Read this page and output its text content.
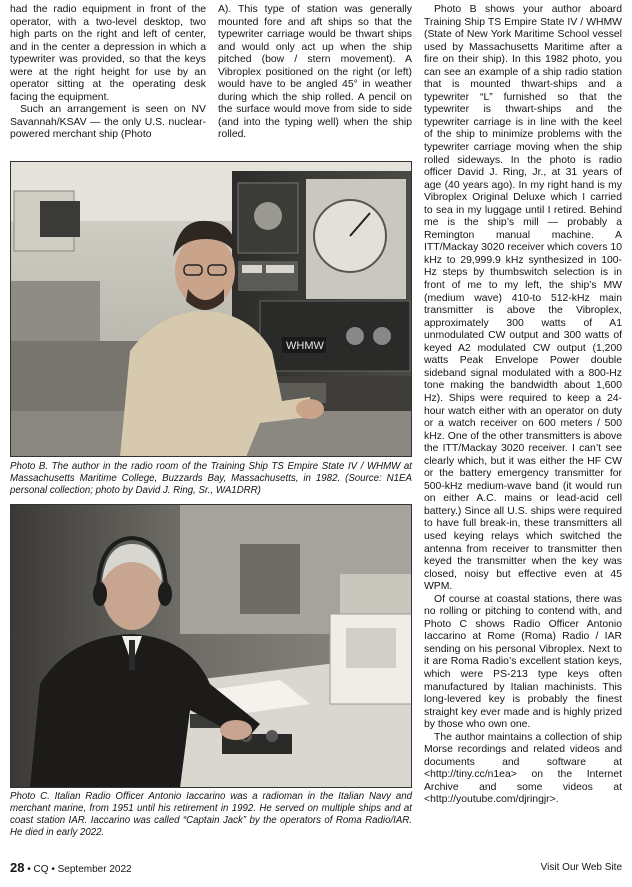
had the radio equipment in front of the operator, with a two-level desktop, two high parts on the right and left of center, and in the center a depression in which a typewriter was provided, so that the keys were at the right height for use by an operator sitting at the operating desk facing the equipment.

Such an arrangement is seen on NV Savannah/KSAV — the only U.S. nuclear-powered merchant ship (Photo

A). This type of station was generally mounted fore and aft ships so that the typewriter carriage would be thwart ships and would only act up when the ship pitched (bow / stern movement). A Vibroplex positioned on the right (or left) would have to be angled 45° in weather during which the ship rolled. A pencil on the surface would move from side to side (and into the typing well) when the ship rolled.

Photo B shows your author aboard Training Ship TS Empire State IV / WHMW (State of New York Maritime School vessel used by Massachusetts Maritime after a fire on their ship). In this 1982 photo, you can see an example of a ship radio station that is mounted thwart-ships and a typewriter “L” furnished so that the typewriter is thwart-ships and the typewriter carriage is in line with the keel of the ship to minimize problems with the typewriter carriage moving when the ship rolled sideways. In the photo is radio officer David J. Ring, Jr., at 31 years of age (40 years ago). In my right hand is my Vibroplex Original Deluxe which I carried to sea in my luggage until I retired. Behind me is the ship’s mill — probably a Remington manual machine. A ITT/Mackay 3020 receiver which covers 10 kHz to 29,999.9 kHz synthesized in 100-Hz steps by thumbswitch selection is in front of me to my left, the ship’s MW (medium wave) 410-to 512-kHz main transmitter is above the Vibroplex, approximately 300 watts of A1 unmodulated CW output and 300 watts of keyed A2 modulated CW output (1,200 watts Peak Envelope Power double sideband signal modulated with a 800-Hz tone making the bandwidth about 1,600 Hz). Ships were required to keep a 24-hour watch either with an operator on duty or a watch receiver on 600 meters / 500 kHz. One of the other transmitters is above the ITT/Mackay 3020 receiver. I can’t see clearly which, but it was either the HF CW or the battery emergency transmitter for 500-kHz medium-wave band (it would run on either A.C. mains or lead-acid cell battery.) Since all U.S. ships were required to have full break-in, these transmitters all used keying relays which switched the antenna from receiver to transmitter then keyed the transmitter when the key was closed, noisy but effective even at 45 WPM.

Of course at coastal stations, there was no rolling or pitching to contend with, and Photo C shows Radio Officer Antonio Iaccarino at Rome (Roma) Radio / IAR sending on his personal Vibroplex. Next to it are Roma Radio’s excellent station keys, which were PS-213 type keys often manufactured by Italian machinists. This long-levered key is probably the finest straight key ever made and is highly prized by those who own one.

The author maintains a collection of ship Morse recordings and related videos and documents and software at <http://tiny.cc/n1ea> on the Internet Archive and some videos at <http://youtube.com/djringjr>.

WHMW
Photo B. The author in the radio room of the Training Ship TS Empire State IV / WHMW at Massachusetts Maritime College, Buzzards Bay, Massachusetts, in 1982. (Source: N1EA personal collection; photo by David J. Ring, Sr., WA1DRR)
Photo C. Italian Radio Officer Antonio Iaccarino was a radioman in the Italian Navy and merchant marine, from 1951 until his retirement in 1992. He served on multiple ships and at coast station IAR. Iaccarino was called “Captain Jack” by the operators of Roma Radio/IAR. He died in early 2022.
28 • CQ • September 2022	Visit Our Web Site
